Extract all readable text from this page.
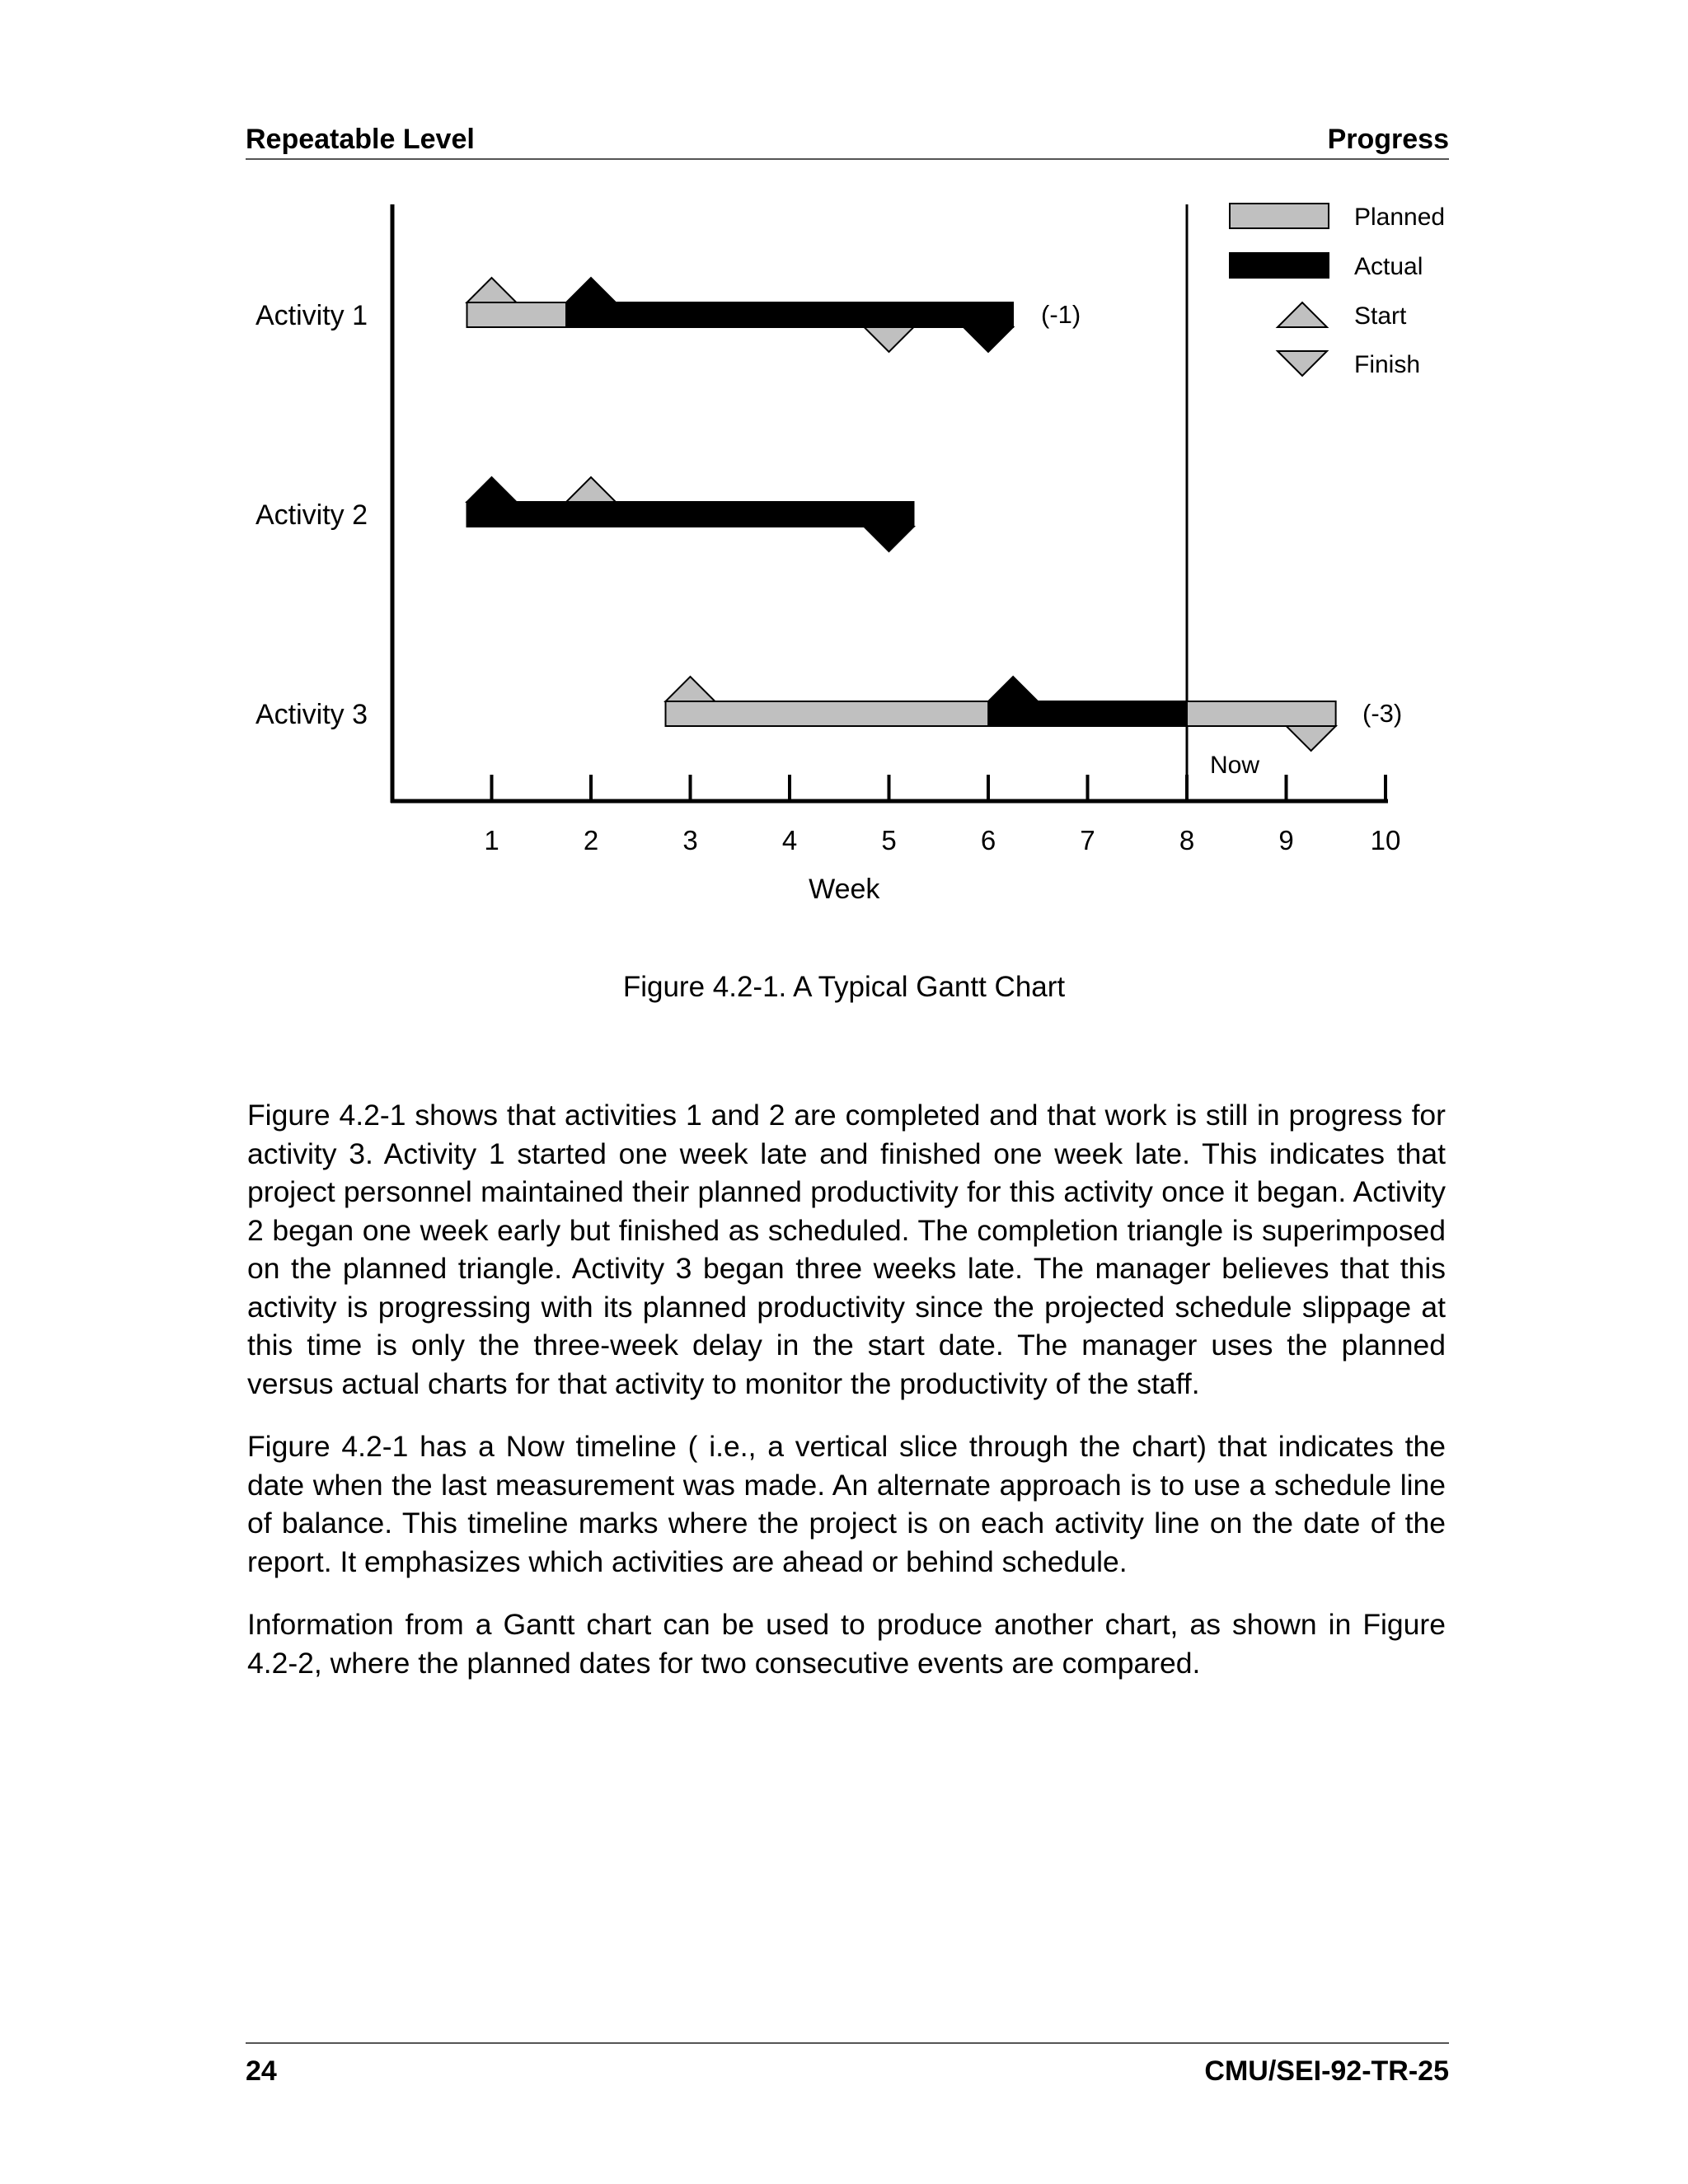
Repeatable Level	Progress
1	2	3	4	5	6	7	8	9	10
Week
Now
Activity 1	(-1)
Activity 2
Activity 3	(-3)
Planned
Actual
Start
Finish
Figure 4.2-1. A Typical Gantt Chart

Figure 4.2-1 shows that activities 1 and 2 are completed and that work is still in progress for activity 3. Activity 1 started one week late and finished one week late. This indicates that project personnel maintained their planned productivity for this activity once it began. Activity 2 began one week early but finished as scheduled. The completion triangle is superimposed on the planned triangle. Activity 3 began three weeks late. The manager believes that this activity is progressing with its planned productivity since the projected schedule slippage at this time is only the three-week delay in the start date. The manager uses the planned versus actual charts for that activity to monitor the productivity of the staff.

Figure 4.2-1 has a Now timeline ( i.e., a vertical slice through the chart) that indicates the date when the last measurement was made. An alternate approach is to use a schedule line of balance. This timeline marks where the project is on each activity line on the date of the report. It emphasizes which activities are ahead or behind schedule.

Information from a Gantt chart can be used to produce another chart, as shown in Figure 4.2-2, where the planned dates for two consecutive events are compared.

24	CMU/SEI-92-TR-25
